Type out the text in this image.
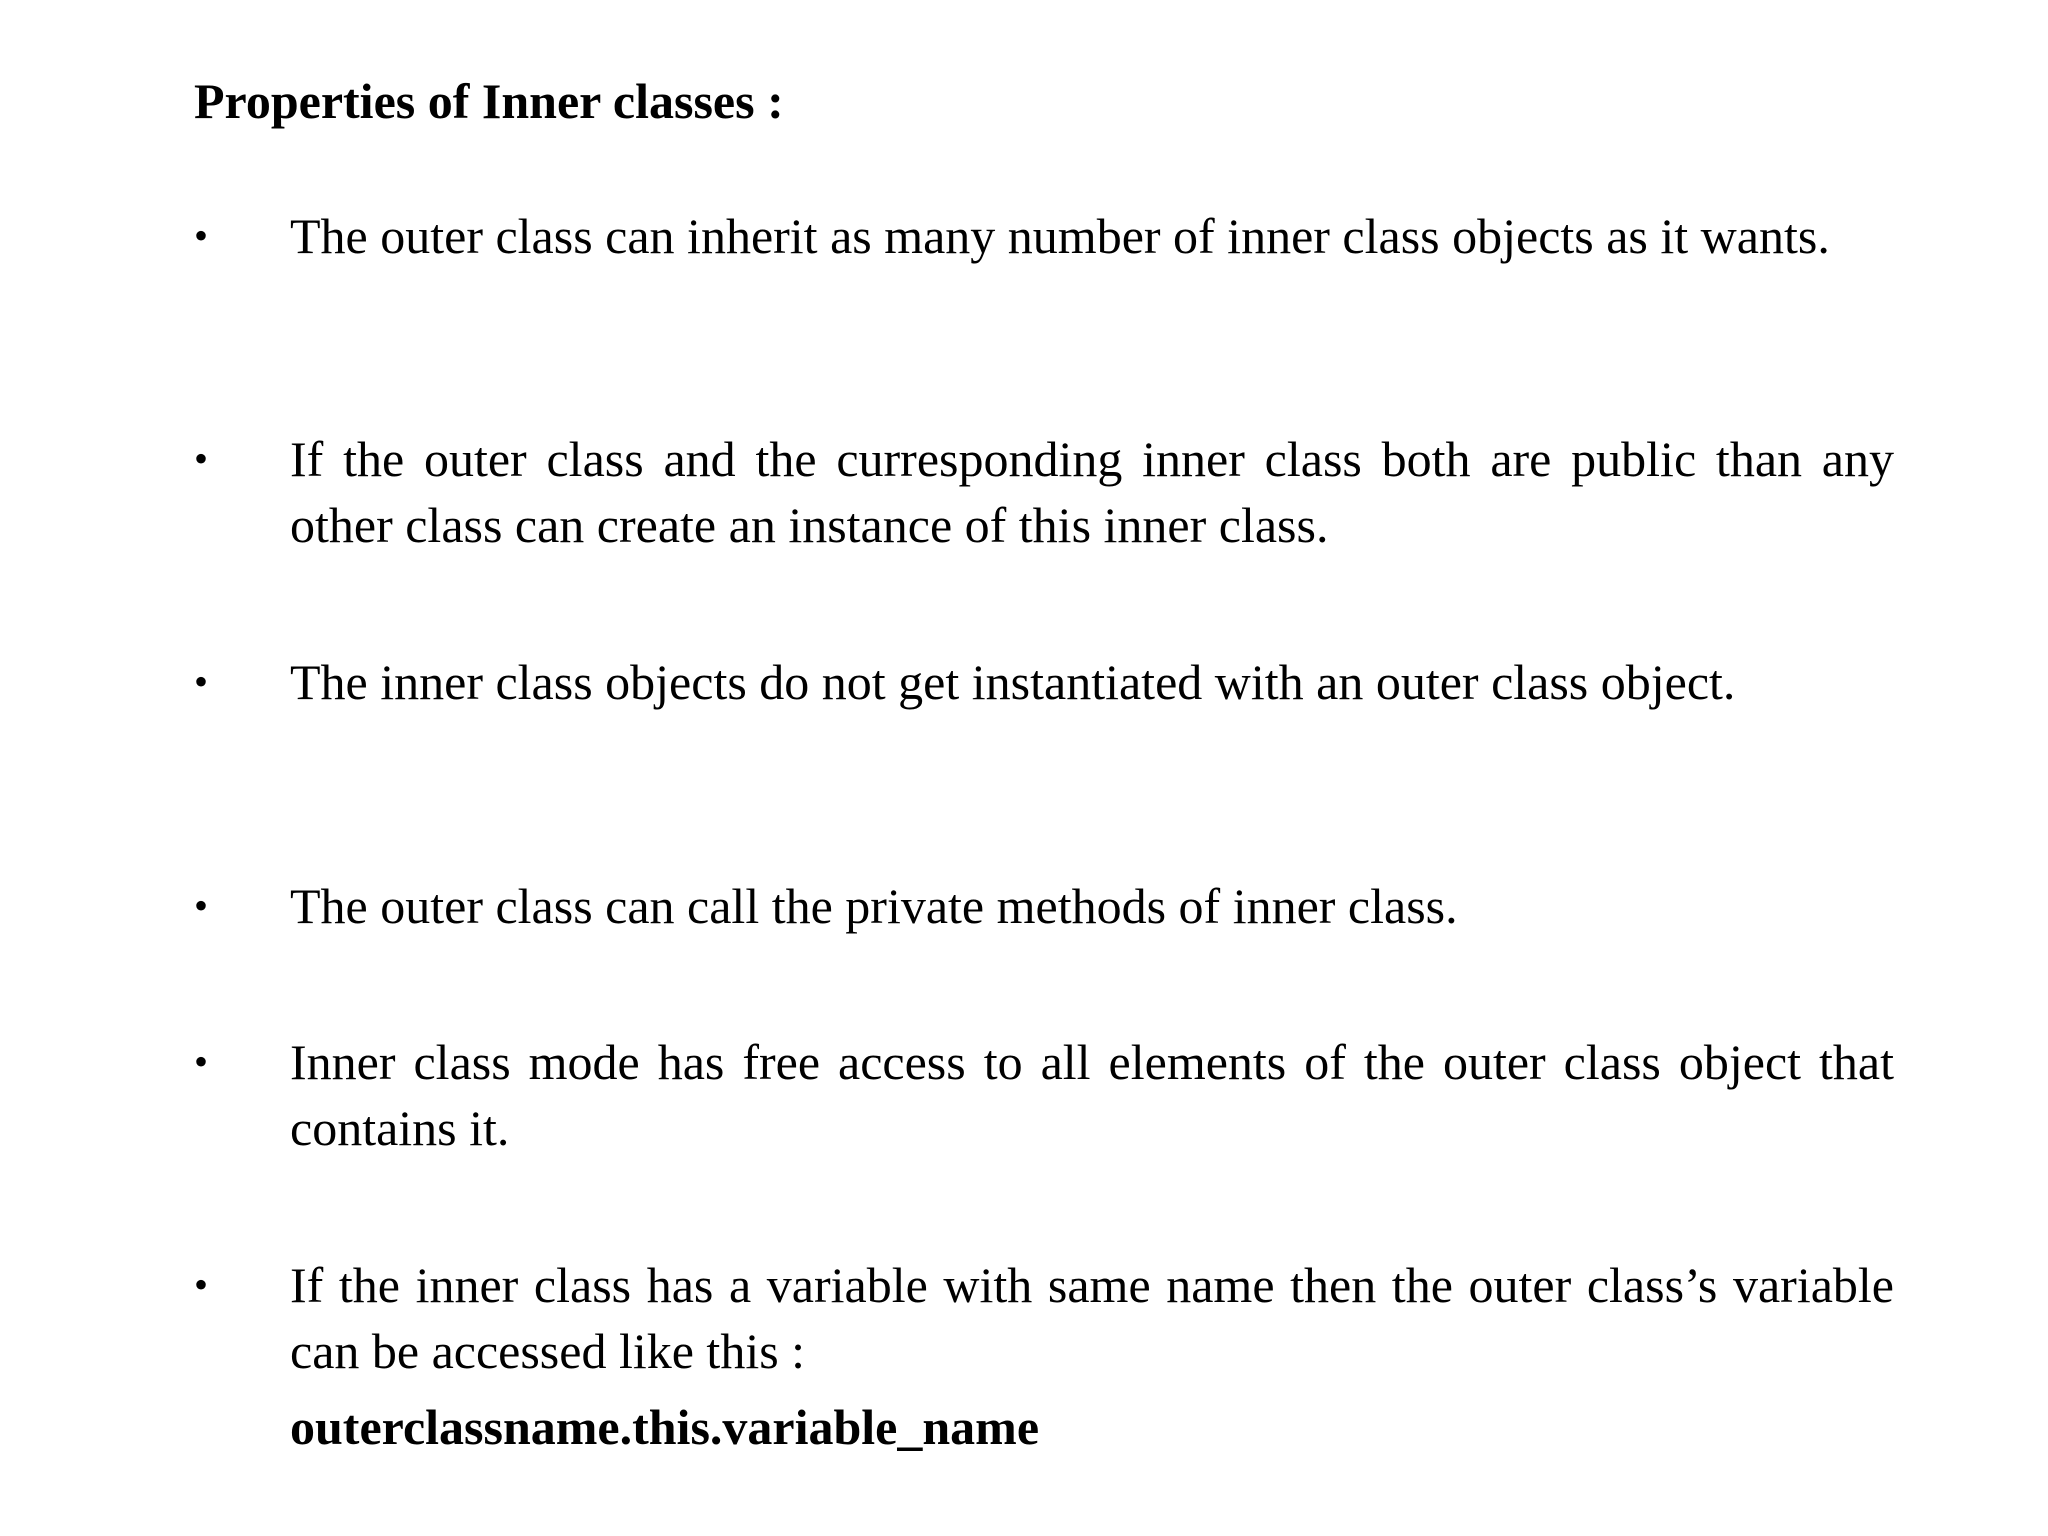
Properties of Inner classes :
• The outer class can inherit as many number of inner class objects as it wants.
• If the outer class and the curresponding inner class both are public than any other class can create an instance of this inner class.
• The inner class objects do not get instantiated with an outer class object.
• The outer class can call the private methods of inner class.
• Inner class mode has free access to all elements of the outer class object that contains it.
• If the inner class has a variable with same name then the outer class’s variable can be accessed like this :
outerclassname.this.variable_name
